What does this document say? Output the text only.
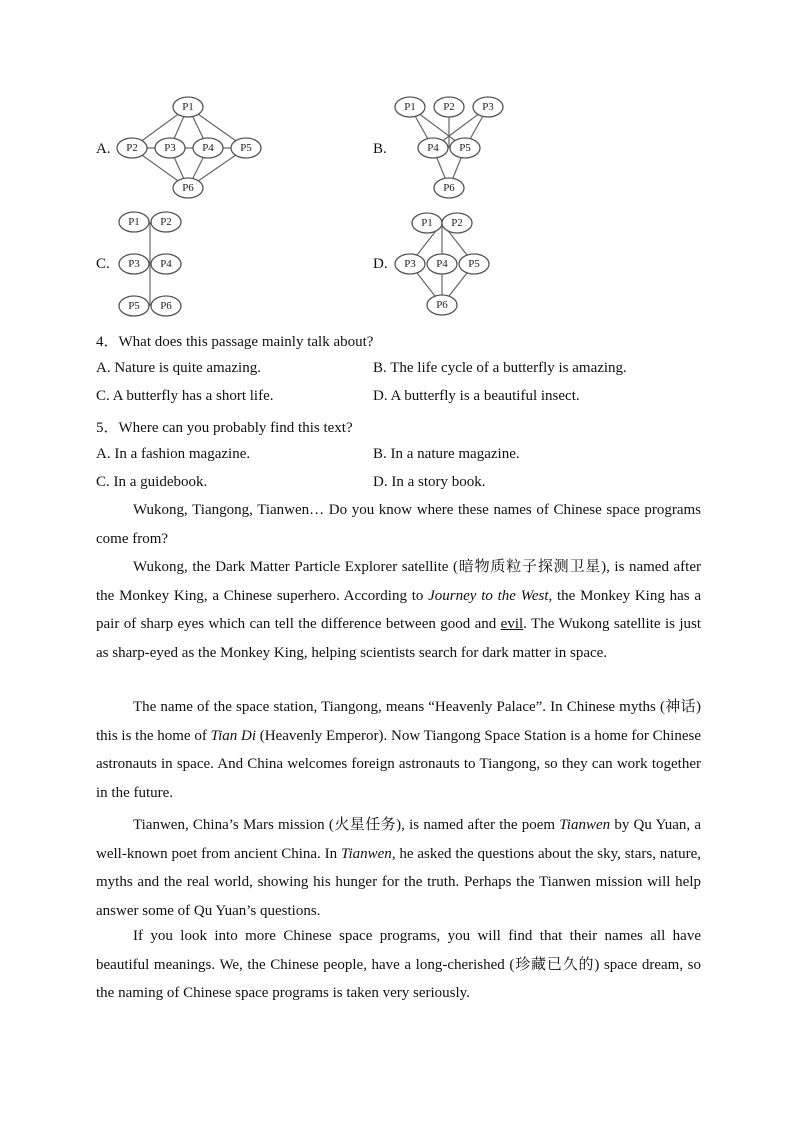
A.	B.
C.	D.
P1
P2 P3 P4 P5
P6
P1 P2 P3
P4 P5
P6
P1 P2
P3 P4
P5 P6
P1 P2
P3 P4 P5
P6
4．What does this passage mainly talk about?
A. Nature is quite amazing.	B. The life cycle of a butterfly is amazing.
C. A butterfly has a short life.	D. A butterfly is a beautiful insect.
5．Where can you probably find this text?
A. In a fashion magazine.	B. In a nature magazine.
C. In a guidebook.	D. In a story book.
Wukong, Tiangong, Tianwen… Do you know where these names of Chinese space programs come from?
Wukong, the Dark Matter Particle Explorer satellite (暗物质粒子探测卫星), is named after the Monkey King, a Chinese superhero. According to Journey to the West, the Monkey King has a pair of sharp eyes which can tell the difference between good and evil. The Wukong satellite is just as sharp-eyed as the Monkey King, helping scientists search for dark matter in space.
The name of the space station, Tiangong, means “Heavenly Palace”. In Chinese myths (神话) this is the home of Tian Di (Heavenly Emperor). Now Tiangong Space Station is a home for Chinese astronauts in space. And China welcomes foreign astronauts to Tiangong, so they can work together in the future.
Tianwen, China’s Mars mission (火星任务), is named after the poem Tianwen by Qu Yuan, a well-known poet from ancient China. In Tianwen, he asked the questions about the sky, stars, nature, myths and the real world, showing his hunger for the truth. Perhaps the Tianwen mission will help answer some of Qu Yuan’s questions.
If you look into more Chinese space programs, you will find that their names all have beautiful meanings. We, the Chinese people, have a long-cherished (珍藏已久的) space dream, so the naming of Chinese space programs is taken very seriously.
